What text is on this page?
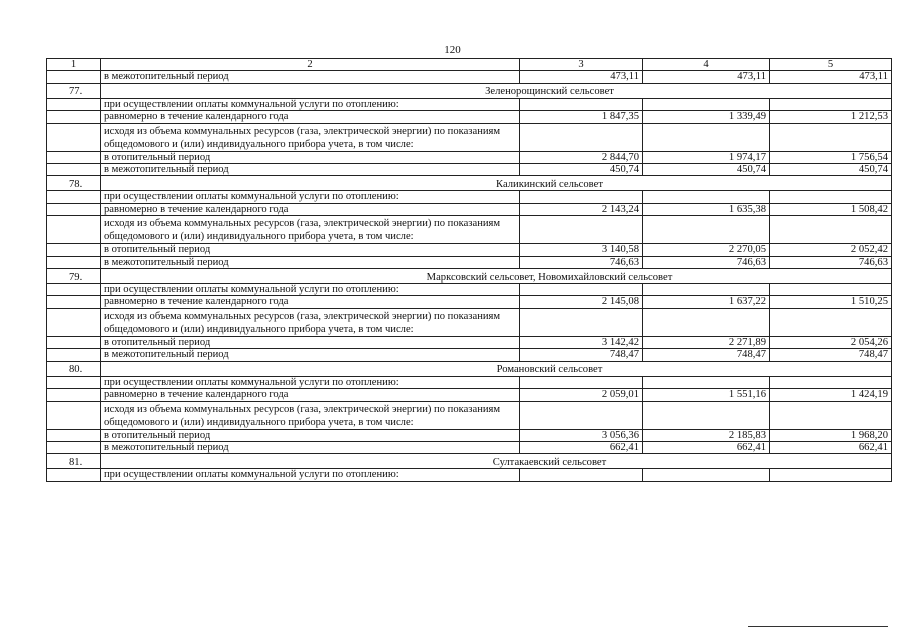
120
1	2	3	4	5
	в межотопительный период	473,11	473,11	473,11
77.	Зеленорощинский сельсовет			
	при осуществлении оплаты коммунальной услуги по отоплению:			
	равномерно в течение календарного года	1 847,35	1 339,49	1 212,53
	исходя из объема коммунальных ресурсов (газа, электрической энергии) по показаниям общедомового и (или) индивидуального прибора учета, в том числе:			
	в отопительный период	2 844,70	1 974,17	1 756,54
	в межотопительный период	450,74	450,74	450,74
78.	Каликинский сельсовет			
	при осуществлении оплаты коммунальной услуги по отоплению:			
	равномерно в течение календарного года	2 143,24	1 635,38	1 508,42
	исходя из объема коммунальных ресурсов (газа, электрической энергии) по показаниям общедомового и (или) индивидуального прибора учета, в том числе:			
	в отопительный период	3 140,58	2 270,05	2 052,42
	в межотопительный период	746,63	746,63	746,63
79.	Марксовский сельсовет, Новомихайловский сельсовет			
	при осуществлении оплаты коммунальной услуги по отоплению:			
	равномерно в течение календарного года	2 145,08	1 637,22	1 510,25
	исходя из объема коммунальных ресурсов (газа, электрической энергии) по показаниям общедомового и (или) индивидуального прибора учета, в том числе:			
	в отопительный период	3 142,42	2 271,89	2 054,26
	в межотопительный период	748,47	748,47	748,47
80.	Романовский сельсовет			
	при осуществлении оплаты коммунальной услуги по отоплению:			
	равномерно в течение календарного года	2 059,01	1 551,16	1 424,19
	исходя из объема коммунальных ресурсов (газа, электрической энергии) по показаниям общедомового и (или) индивидуального прибора учета, в том числе:			
	в отопительный период	3 056,36	2 185,83	1 968,20
	в межотопительный период	662,41	662,41	662,41
81.	Султакаевский сельсовет			
	при осуществлении оплаты коммунальной услуги по отоплению:			
